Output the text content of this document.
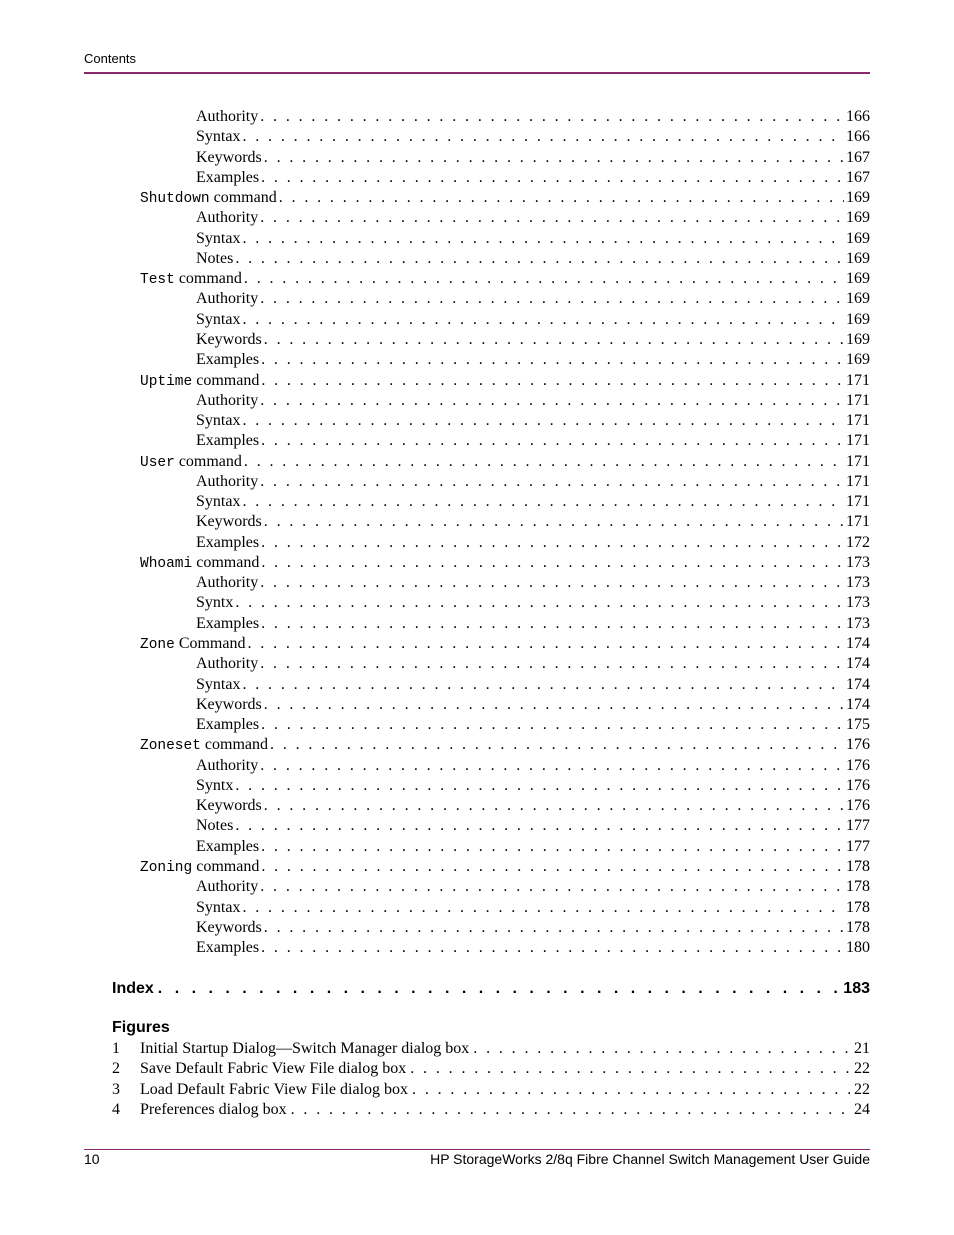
Contents
Authority . . .	166
Syntax . . .	166
Keywords . . .	167
Examples . . .	167
Shutdown command . . .	169
Authority . . .	169
Syntax . . .	169
Notes . . .	169
Test command . . .	169
Authority . . .	169
Syntax . . .	169
Keywords . . .	169
Examples . . .	169
Uptime command . . .	171
Authority . . .	171
Syntax . . .	171
Examples . . .	171
User command . . .	171
Authority . . .	171
Syntax . . .	171
Keywords . . .	171
Examples . . .	172
Whoami command . . .	173
Authority . . .	173
Syntx . . .	173
Examples . . .	173
Zone Command . . .	174
Authority . . .	174
Syntax . . .	174
Keywords . . .	174
Examples . . .	175
Zoneset command . . .	176
Authority . . .	176
Syntx . . .	176
Keywords . . .	176
Notes . . .	177
Examples . . .	177
Zoning command . . .	178
Authority . . .	178
Syntax . . .	178
Keywords . . .	178
Examples . . .	180
Index . . .	183
Figures
1	Initial Startup Dialog—Switch Manager dialog box . . .	21
2	Save Default Fabric View File dialog box . . .	22
3	Load Default Fabric View File dialog box . . .	22
4	Preferences dialog box . . .	24
10	HP StorageWorks 2/8q Fibre Channel Switch Management User Guide
